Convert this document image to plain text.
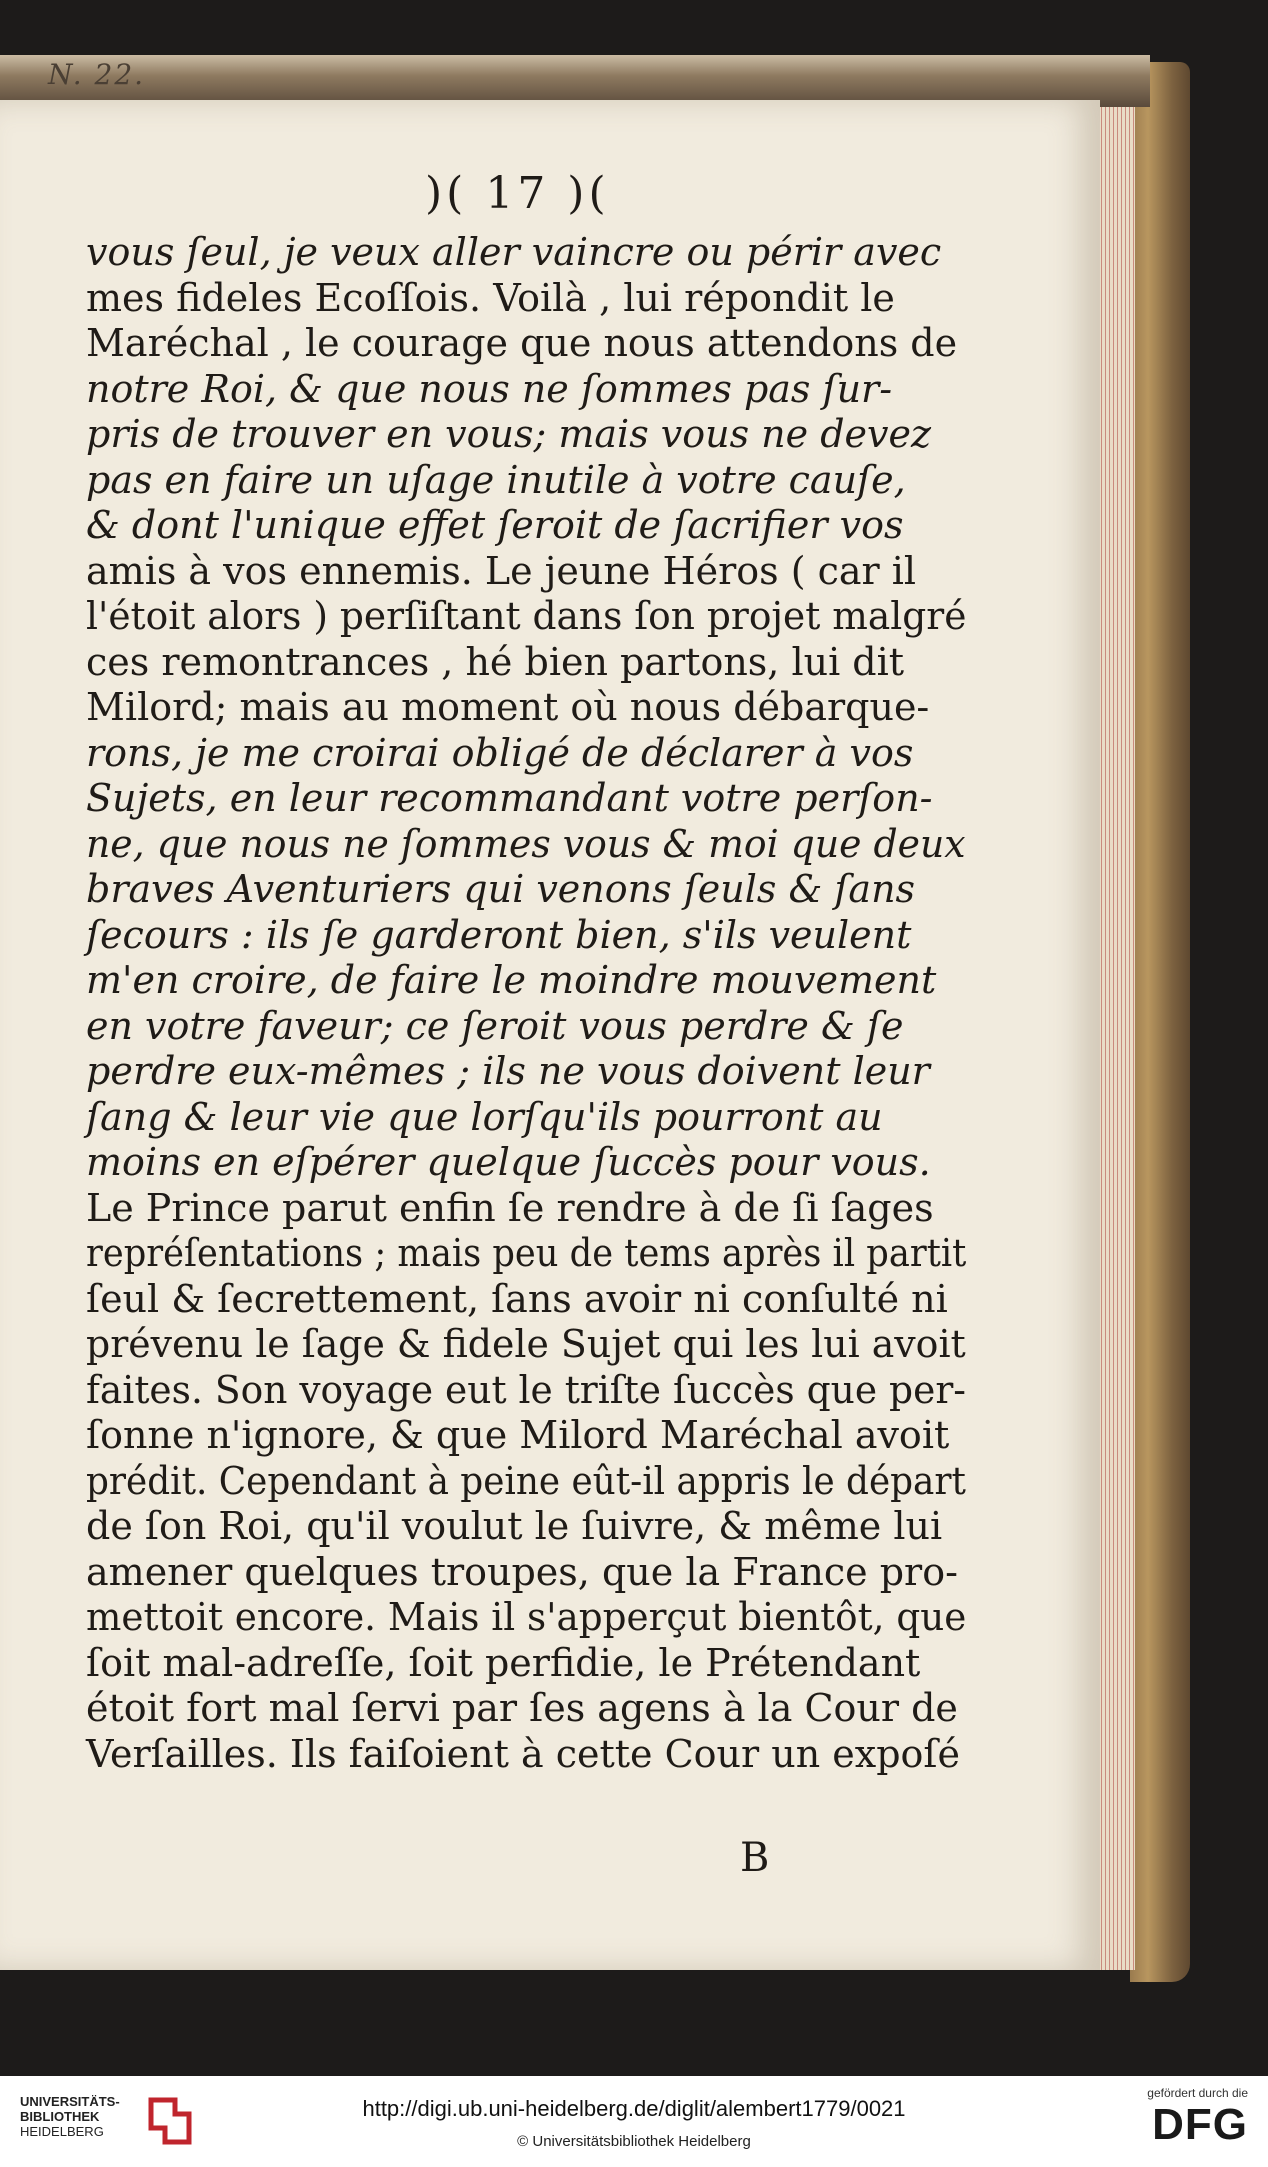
N. 22.
)( 17 )(
vous ſeul, je veux aller vaincre ou périr avec
mes fideles Ecoſſois. Voilà , lui répondit le
Maréchal , le courage que nous attendons de
notre Roi, & que nous ne ſommes pas ſur-
pris de trouver en vous; mais vous ne devez
pas en faire un uſage inutile à votre cauſe,
& dont l'unique effet ſeroit de ſacrifier vos
amis à vos ennemis. Le jeune Héros ( car il
l'étoit alors ) perſiſtant dans ſon projet malgré
ces remontrances , hé bien partons, lui dit
Milord; mais au moment où nous débarque-
rons, je me croirai obligé de déclarer à vos
Sujets, en leur recommandant votre perſon-
ne, que nous ne ſommes vous & moi que deux
braves Aventuriers qui venons ſeuls & ſans
ſecours : ils ſe garderont bien, s'ils veulent
m'en croire, de faire le moindre mouvement
en votre faveur; ce ſeroit vous perdre & ſe
perdre eux-mêmes ; ils ne vous doivent leur
ſang & leur vie que lorſqu'ils pourront au
moins en eſpérer quelque ſuccès pour vous.
Le Prince parut enfin ſe rendre à de ſi ſages
repréſentations ; mais peu de tems après il partit
ſeul & ſecrettement, ſans avoir ni conſulté ni
prévenu le ſage & fidele Sujet qui les lui avoit
faites. Son voyage eut le triſte ſuccès que per-
ſonne n'ignore, & que Milord Maréchal avoit
prédit. Cependant à peine eût-il appris le départ
de ſon Roi, qu'il voulut le ſuivre, & même lui
amener quelques troupes, que la France pro-
mettoit encore. Mais il s'apperçut bientôt, que
ſoit mal-adreſſe, ſoit perfidie, le Prétendant
étoit fort mal ſervi par ſes agens à la Cour de
Verſailles. Ils faiſoient à cette Cour un expoſé
B
UNIVERSITÄTS-
BIBLIOTHEK
HEIDELBERG
http://digi.ub.uni-heidelberg.de/diglit/alembert1779/0021
© Universitätsbibliothek Heidelberg
gefördert durch die
DFG
